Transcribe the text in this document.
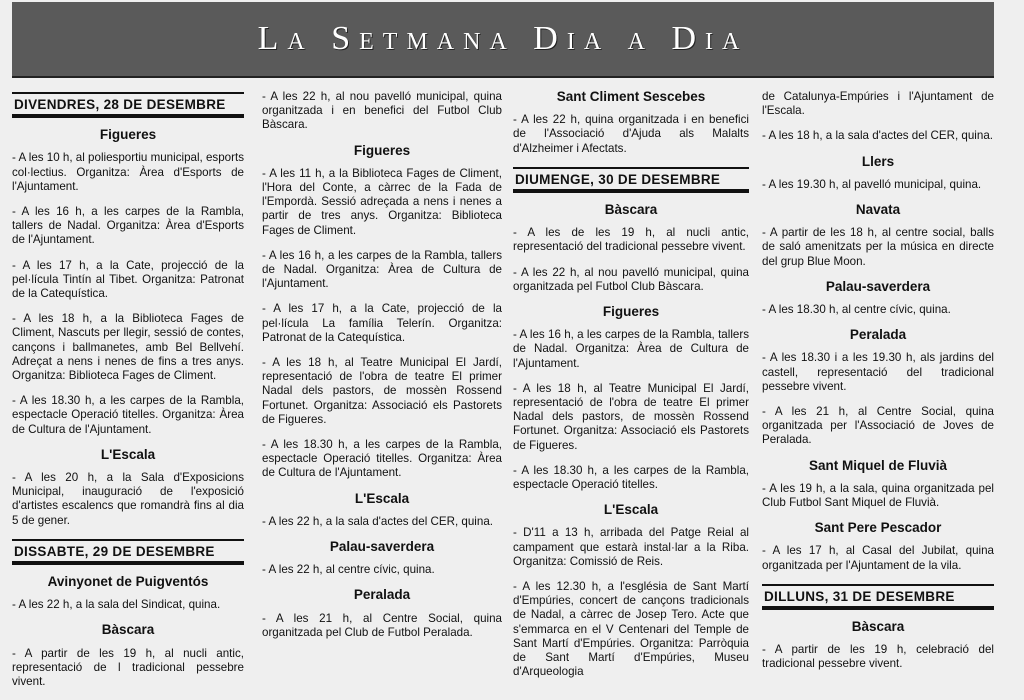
La Setmana Dia a Dia
DIVENDRES, 28 DE DESEMBRE
Figueres

- A les 10 h, al poliesportiu municipal, esports col·lectius. Organitza: Àrea d'Esports de l'Ajuntament.

- A les 16 h, a les carpes de la Rambla, tallers de Nadal. Organitza: Àrea d'Esports de l'Ajuntament.

- A les 17 h, a la Cate, projecció de la pel·lícula Tintín al Tibet. Organitza: Patronat de la Catequística.

- A les 18 h, a la Biblioteca Fages de Climent, Nascuts per llegir, sessió de contes, cançons i ballmanetes, amb Bel Bellvehí. Adreçat a nens i nenes de fins a tres anys. Organitza: Biblioteca Fages de Climent.

- A les 18.30 h, a les carpes de la Rambla, espectacle Operació titelles. Organitza: Àrea de Cultura de l'Ajuntament.

L'Escala

- A les 20 h, a la Sala d'Exposicions Municipal, inauguració de l'exposició d'artistes escalencs que romandrà fins al dia 5 de gener.

DISSABTE, 29 DE DESEMBRE
Avinyonet de Puigventós

- A les 22 h, a la sala del Sindicat, quina.

Bàscara

- A partir de les 19 h, al nucli antic, representació de l tradicional pessebre vivent.

- A les 22 h, al nou pavelló municipal, quina organitzada i en benefici del Futbol Club Bàscara.

Figueres

- A les 11 h, a la Biblioteca Fages de Climent, l'Hora del Conte, a càrrec de la Fada de l'Empordà. Sessió adreçada a nens i nenes a partir de tres anys. Organitza: Biblioteca Fages de Climent.

- A les 16 h, a les carpes de la Rambla, tallers de Nadal. Organitza: Àrea de Cultura de l'Ajuntament.

- A les 17 h, a la Cate, projecció de la pel·lícula La família Telerín. Organitza: Patronat de la Catequística.

- A les 18 h, al Teatre Municipal El Jardí, representació de l'obra de teatre El primer Nadal dels pastors, de mossèn Rossend Fortunet. Organitza: Associació els Pastorets de Figueres.

- A les 18.30 h, a les carpes de la Rambla, espectacle Operació titelles. Organitza: Àrea de Cultura de l'Ajuntament.

L'Escala

- A les 22 h, a la sala d'actes del CER, quina.

Palau-saverdera

- A les 22 h, al centre cívic, quina.

Peralada

- A les 21 h, al Centre Social, quina organitzada pel Club de Futbol Peralada.

Sant Climent Sescebes

- A les 22 h, quina organitzada i en benefici de l'Associació d'Ajuda als Malalts d'Alzheimer i Afectats.

DIUMENGE, 30 DE DESEMBRE
Bàscara

- A les de les 19 h, al nucli antic, representació del tradicional pessebre vivent.

- A les 22 h, al nou pavelló municipal, quina organitzada pel Futbol Club Bàscara.

Figueres

- A les 16 h, a les carpes de la Rambla, tallers de Nadal. Organitza: Àrea de Cultura de l'Ajuntament.

- A les 18 h, al Teatre Municipal El Jardí, representació de l'obra de teatre El primer Nadal dels pastors, de mossèn Rossend Fortunet. Organitza: Associació els Pastorets de Figueres.

- A les 18.30 h, a les carpes de la Rambla, espectacle Operació titelles.

L'Escala

- D'11 a 13 h, arribada del Patge Reial al campament que estarà instal·lar a la Riba. Organitza: Comissió de Reis.

- A les 12.30 h, a l'església de Sant Martí d'Empúries, concert de cançons tradicionals de Nadal, a càrrec de Josep Tero. Acte que s'emmarca en el V Centenari del Temple de Sant Martí d'Empúries. Organitza: Parròquia de Sant Martí d'Empúries, Museu d'Arqueologia

de Catalunya-Empúries i l'Ajuntament de l'Escala.

- A les 18 h, a la sala d'actes del CER, quina.

Llers

- A les 19.30 h, al pavelló municipal, quina.

Navata

- A partir de les 18 h, al centre social, balls de saló amenitzats per la música en directe del grup Blue Moon.

Palau-saverdera

- A les 18.30 h, al centre cívic, quina.

Peralada

- A les 18.30 i a les 19.30 h, als jardins del castell, representació del tradicional pessebre vivent.

- A les 21 h, al Centre Social, quina organitzada per l'Associació de Joves de Peralada.

Sant Miquel de Fluvià

- A les 19 h, a la sala, quina organitzada pel Club Futbol Sant Miquel de Fluvià.

Sant Pere Pescador

- A les 17 h, al Casal del Jubilat, quina organitzada per l'Ajuntament de la vila.

DILLUNS, 31 DE DESEMBRE
Bàscara

- A partir de les 19 h, celebració del tradicional pessebre vivent.
